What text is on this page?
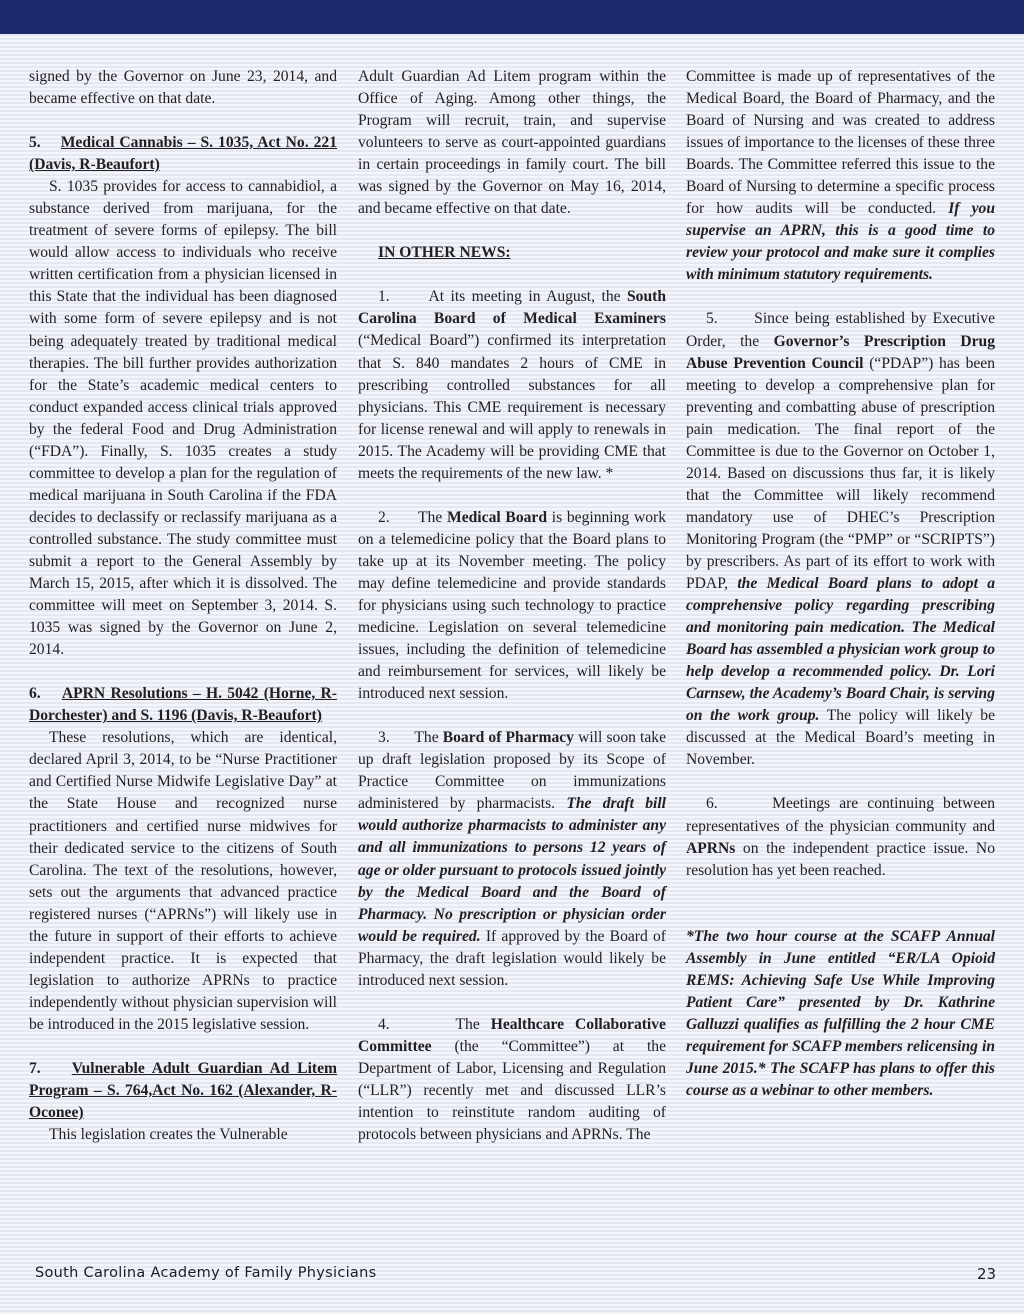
signed by the Governor on June 23, 2014, and became effective on that date.

5. Medical Cannabis – S. 1035, Act No. 221 (Davis, R-Beaufort)

S. 1035 provides for access to cannabidiol, a substance derived from marijuana, for the treatment of severe forms of epilepsy. The bill would allow access to individuals who receive written certification from a physician licensed in this State that the individual has been diagnosed with some form of severe epilepsy and is not being adequately treated by traditional medical therapies. The bill further provides authorization for the State’s academic medical centers to conduct expanded access clinical trials approved by the federal Food and Drug Administration (“FDA”). Finally, S. 1035 creates a study committee to develop a plan for the regulation of medical marijuana in South Carolina if the FDA decides to declassify or reclassify marijuana as a controlled substance. The study committee must submit a report to the General Assembly by March 15, 2015, after which it is dissolved. The committee will meet on September 3, 2014. S. 1035 was signed by the Governor on June 2, 2014.

6. APRN Resolutions – H. 5042 (Horne, R-Dorchester) and S. 1196 (Davis, R-Beaufort)

These resolutions, which are identical, declared April 3, 2014, to be “Nurse Practitioner and Certified Nurse Midwife Legislative Day” at the State House and recognized nurse practitioners and certified nurse midwives for their dedicated service to the citizens of South Carolina. The text of the resolutions, however, sets out the arguments that advanced practice registered nurses (“APRNs”) will likely use in the future in support of their efforts to achieve independent practice. It is expected that legislation to authorize APRNs to practice independently without physician supervision will be introduced in the 2015 legislative session.

7. Vulnerable Adult Guardian Ad Litem Program – S. 764,Act No. 162 (Alexander, R-Oconee)

This legislation creates the Vulnerable

Adult Guardian Ad Litem program within the Office of Aging. Among other things, the Program will recruit, train, and supervise volunteers to serve as court-appointed guardians in certain proceedings in family court. The bill was signed by the Governor on May 16, 2014, and became effective on that date.

IN OTHER NEWS:

1. At its meeting in August, the South Carolina Board of Medical Examiners (“Medical Board”) confirmed its interpretation that S. 840 mandates 2 hours of CME in prescribing controlled substances for all physicians. This CME requirement is necessary for license renewal and will apply to renewals in 2015. The Academy will be providing CME that meets the requirements of the new law. *

2. The Medical Board is beginning work on a telemedicine policy that the Board plans to take up at its November meeting. The policy may define telemedicine and provide standards for physicians using such technology to practice medicine. Legislation on several telemedicine issues, including the definition of telemedicine and reimbursement for services, will likely be introduced next session.

3. The Board of Pharmacy will soon take up draft legislation proposed by its Scope of Practice Committee on immunizations administered by pharmacists. The draft bill would authorize pharmacists to administer any and all immunizations to persons 12 years of age or older pursuant to protocols issued jointly by the Medical Board and the Board of Pharmacy. No prescription or physician order would be required. If approved by the Board of Pharmacy, the draft legislation would likely be introduced next session.

4.	The Healthcare Collaborative Committee (the “Committee”) at the Department of Labor, Licensing and Regulation (“LLR”) recently met and discussed LLR’s intention to reinstitute random auditing of protocols between physicians and APRNs. The

Committee is made up of representatives of the Medical Board, the Board of Pharmacy, and the Board of Nursing and was created to address issues of importance to the licenses of these three Boards. The Committee referred this issue to the Board of Nursing to determine a specific process for how audits will be conducted. If you supervise an APRN, this is a good time to review your protocol and make sure it complies with minimum statutory requirements.

5. Since being established by Executive Order, the Governor’s Prescription Drug Abuse Prevention Council (“PDAP”) has been meeting to develop a comprehensive plan for preventing and combatting abuse of prescription pain medication. The final report of the Committee is due to the Governor on October 1, 2014. Based on discussions thus far, it is likely that the Committee will likely recommend mandatory use of DHEC’s Prescription Monitoring Program (the “PMP” or “SCRIPTS”) by prescribers. As part of its effort to work with PDAP, the Medical Board plans to adopt a comprehensive policy regarding prescribing and monitoring pain medication. The Medical Board has assembled a physician work group to help develop a recommended policy. Dr. Lori Carnsew, the Academy’s Board Chair, is serving on the work group. The policy will likely be discussed at the Medical Board’s meeting in November.

6.	Meetings are continuing between representatives of the physician community and APRNs on the independent practice issue. No resolution has yet been reached.

*The two hour course at the SCAFP Annual Assembly in June entitled “ER/LA Opioid REMS: Achieving Safe Use While Improving Patient Care” presented by Dr. Kathrine Galluzzi qualifies as fulfilling the 2 hour CME requirement for SCAFP members relicensing in June 2015.* The SCAFP has plans to offer this course as a webinar to other members.

South Carolina Academy of Family Physicians	23
